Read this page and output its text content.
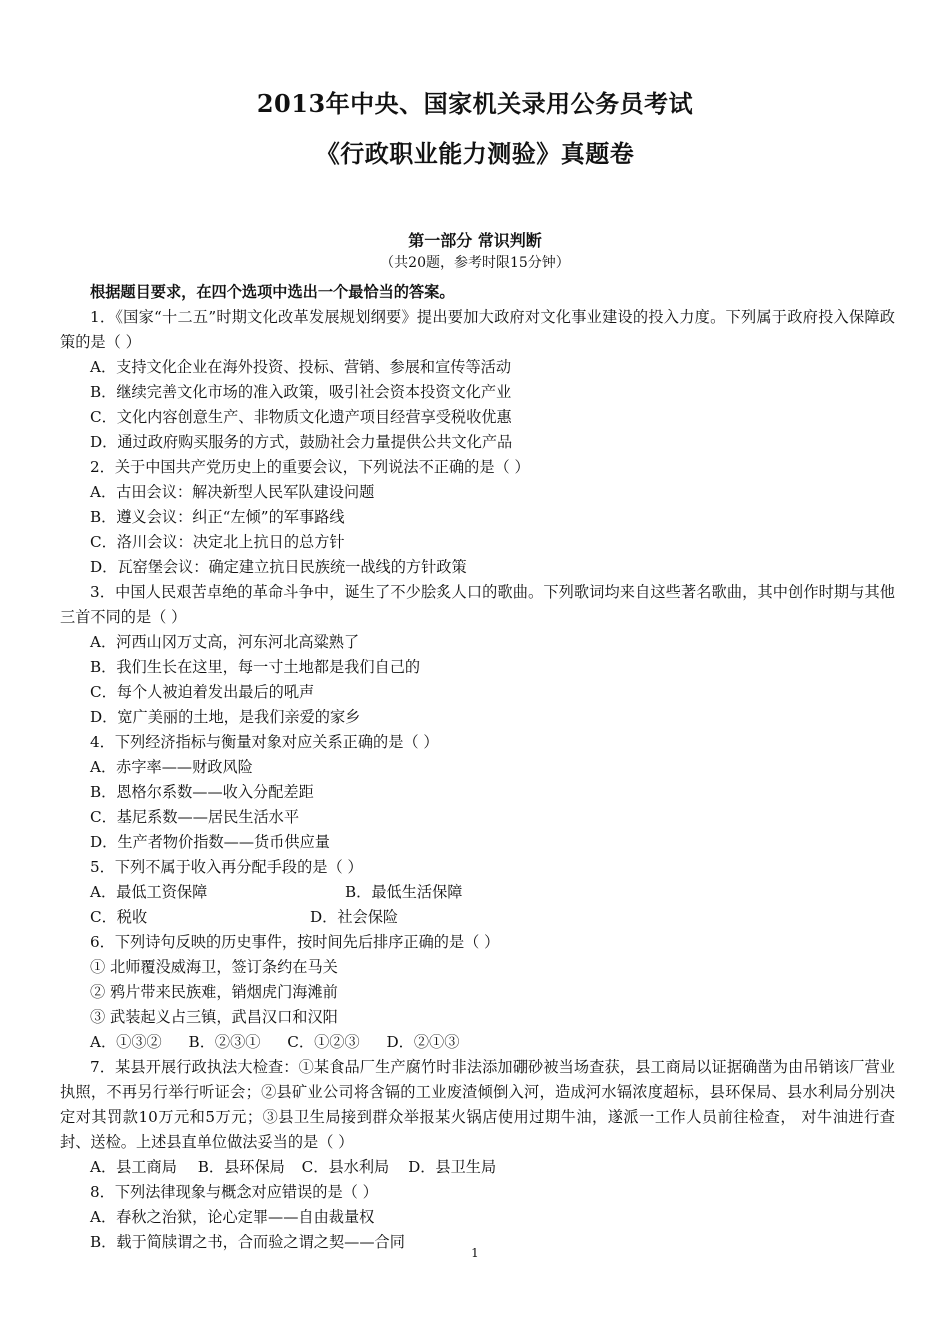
2013年中央、国家机关录用公务员考试
《行政职业能力测验》真题卷
第一部分 常识判断
（共20题，参考时限15分钟）
根据题目要求，在四个选项中选出一个最恰当的答案。
1．《国家“十二五”时期文化改革发展规划纲要》提出要加大政府对文化事业建设的投入力度。下列属于政府投入保障政策的是（ ）
A．支持文化企业在海外投资、投标、营销、参展和宣传等活动
B．继续完善文化市场的准入政策，吸引社会资本投资文化产业
C．文化内容创意生产、非物质文化遗产项目经营享受税收优惠
D．通过政府购买服务的方式，鼓励社会力量提供公共文化产品
2．关于中国共产党历史上的重要会议，下列说法不正确的是（ ）
A．古田会议：解决新型人民军队建设问题
B．遵义会议：纠正“左倾”的军事路线
C．洛川会议：决定北上抗日的总方针
D．瓦窑堡会议：确定建立抗日民族统一战线的方针政策
3．中国人民艰苦卓绝的革命斗争中，诞生了不少脍炙人口的歌曲。下列歌词均来自这些著名歌曲，其中创作时期与其他三首不同的是（ ）
A．河西山冈万丈高，河东河北高粱熟了
B．我们生长在这里，每一寸土地都是我们自己的
C．每个人被迫着发出最后的吼声
D．宽广美丽的土地，是我们亲爱的家乡
4．下列经济指标与衡量对象对应关系正确的是（ ）
A．赤字率——财政风险
B．恩格尔系数——收入分配差距
C．基尼系数——居民生活水平
D．生产者物价指数——货币供应量
5．下列不属于收入再分配手段的是（ ）
A．最低工资保障	B．最低生活保障
C．税收	D．社会保险
6．下列诗句反映的历史事件，按时间先后排序正确的是（ ）
① 北师覆没威海卫，签订条约在马关
② 鸦片带来民族难，销烟虎门海滩前
③ 武装起义占三镇，武昌汉口和汉阳
A．①③② B．②③① C．①②③ D．②①③
7．某县开展行政执法大检查：①某食品厂生产腐竹时非法添加硼砂被当场查获，县工商局以证据确凿为由吊销该厂营业执照，不再另行举行听证会；②县矿业公司将含镉的工业废渣倾倒入河，造成河水镉浓度超标，县环保局、县水利局分别决定对其罚款10万元和5万元；③县卫生局接到群众举报某火锅店使用过期牛油，遂派一工作人员前往检查， 对牛油进行查封、送检。上述县直单位做法妥当的是（ ）
A．县工商局 B．县环保局 C．县水利局 D．县卫生局
8．下列法律现象与概念对应错误的是（ ）
A．春秋之治狱，论心定罪——自由裁量权
B．载于简牍谓之书，合而验之谓之契——合同
1
